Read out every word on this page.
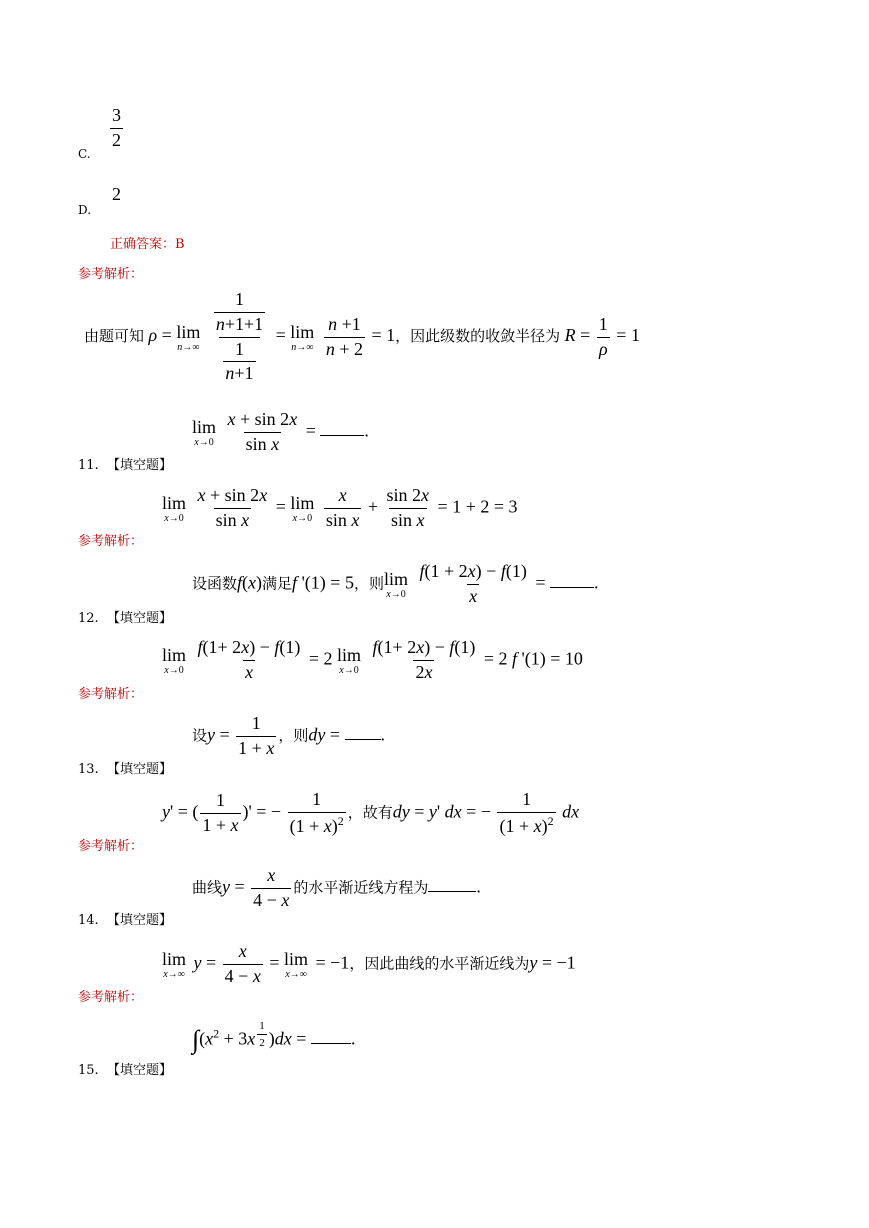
C.
$\frac{3}{2}$
D.
2
正确答案：B
参考解析：
由题可知 ρ = lim
n→∞
$\frac{\frac{1}{n+1+1}}{\frac{1}{n+1}} = \lim$
n→∞
$\frac{n +1}{n + 2} = 1$，因此级数的收敛半径为 $R = \frac{1}{\rho} = 1$
lim
x→0
$\frac{x + \sin 2x}{\text{sin x}}$ = .
11. 【填空题】
参考解析：
lim
x→0
$\frac{x + \sin 2x}{\text{sin x}} = \lim$
x→0
$\frac{x}{\text{sin x}} + \frac{\sin 2x}{\text{sin x}} = 1 + 2 = 3$
设函数f(x)满足f '(1) = 5，则 lim
x→0
$\frac{f(1 + 2x) - f(1)}{x}$ = .
12. 【填空题】
参考解析：
lim
x→0
$\frac{f(1+ 2x) - f(1)}{x} = 2$ lim
x→0
$\frac{f(1+ 2x) - f(1)}{2x} = 2$ f '(1) = 10
设$y = \frac{1}{1 + x}$ ，则dy = .
13. 【填空题】
参考解析：
y' = ( $\frac{1}{1 + x}$ )' = − $\frac{1}{(1 + x)^2}$ ，故有dy = y' dx = − $\frac{1}{(1 + x)^2}$ dx
曲线$y = \frac{x}{4 - x}$ 的水平渐近线方程为	.
14. 【填空题】
参考解析：
lim
x→∞
$y = \frac{x}{4 - x} = \lim$
x→∞
= −1，因此曲线的水平渐近线为y = −1
$\int(x^2 + 3x$ $^{\frac{1}{2}}$ )dx = .
15. 【填空题】
